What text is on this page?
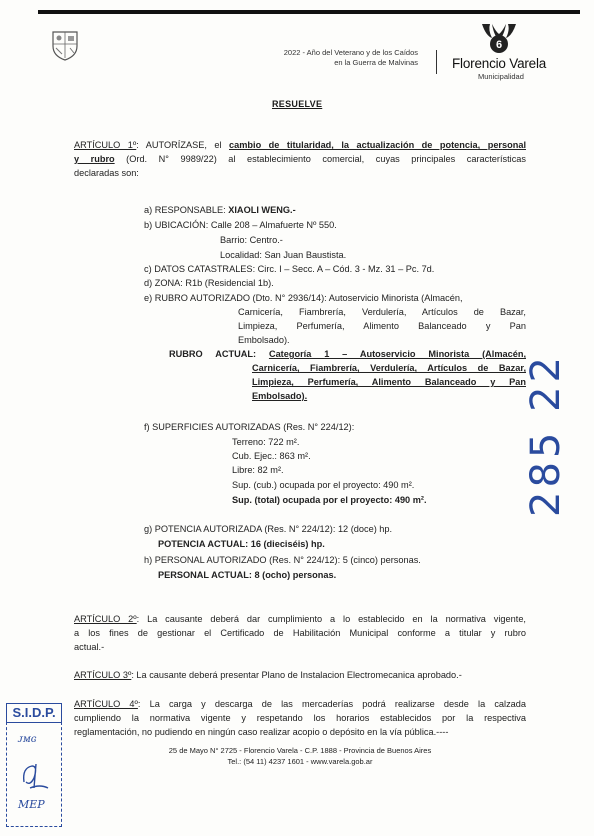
2022 - Año del Veterano y de los Caídos
en la Guerra de Malvinas
6
Florencio Varela
Municipalidad
RESUELVE
ARTÍCULO 1º: AUTORÍZASE, el cambio de titularidad, la actualización de potencia, personal
y rubro (Ord. N° 9989/22) al establecimiento comercial, cuyas principales características
declaradas son:
a) RESPONSABLE: XIAOLI WENG.-
b) UBICACIÓN: Calle 208 – Almafuerte Nº 550.
Barrio: Centro.-
Localidad: San Juan Baustista.
c) DATOS CATASTRALES: Circ. I – Secc. A – Cód. 3 - Mz. 31 – Pc. 7d.
d) ZONA: R1b (Residencial 1b).
e) RUBRO AUTORIZADO (Dto. N° 2936/14): Autoservicio Minorista (Almacén,
Carnicería, Fiambrería, Verdulería, Artículos de Bazar,
Limpieza, Perfumería, Alimento Balanceado y Pan
Embolsado).
RUBRO ACTUAL: Categoría 1 – Autoservicio Minorista (Almacén,
Carnicería, Fiambrería, Verdulería, Artículos de Bazar,
Limpieza, Perfumería, Alimento Balanceado y Pan
Embolsado).
f) SUPERFICIES AUTORIZADAS (Res. N° 224/12):
Terreno: 722 m².
Cub. Ejec.: 863 m².
Libre: 82 m².
Sup. (cub.) ocupada por el proyecto: 490 m².
Sup. (total) ocupada por el proyecto: 490 m².
g) POTENCIA AUTORIZADA (Res. N° 224/12): 12 (doce) hp.
POTENCIA ACTUAL: 16 (dieciséis) hp.
h) PERSONAL AUTORIZADO (Res. N° 224/12): 5 (cinco) personas.
PERSONAL ACTUAL: 8 (ocho) personas.
ARTÍCULO 2º: La causante deberá dar cumplimiento a lo establecido en la normativa vigente,
a los fines de gestionar el Certificado de Habilitación Municipal conforme a titular y rubro
actual.-
ARTÍCULO 3º: La causante deberá presentar Plano de Instalacion Electromecanica aprobado.-
ARTÍCULO 4º: La carga y descarga de las mercaderías podrá realizarse desde la calzada
cumpliendo la normativa vigente y respetando los horarios establecidos por la respectiva
reglamentación, no pudiendo en ningún caso realizar acopio o depósito en la vía pública.----
25 de Mayo N° 2725 - Florencio Varela - C.P. 1888 - Provincia de Buenos Aires
Tel.: (54 11) 4237 1601 - www.varela.gob.ar
S.I.D.P.
ᴊᴍɢ
MEP
285 22
